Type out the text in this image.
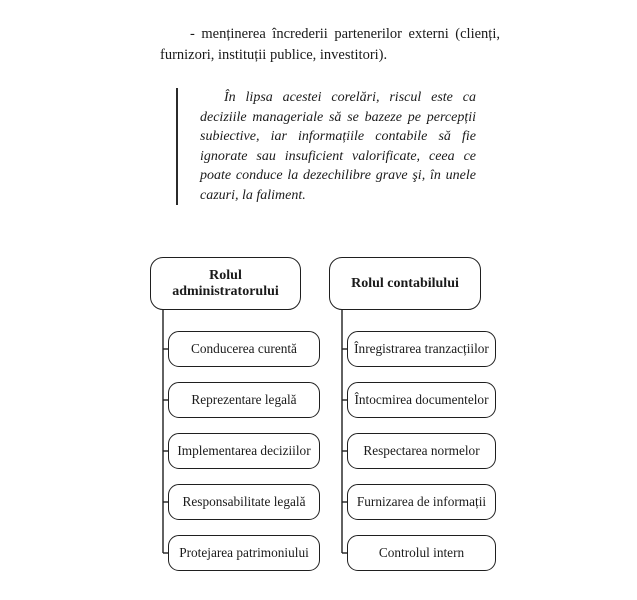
- menținerea încrederii partenerilor externi (clienți, furnizori, instituții publice, investitori).

În lipsa acestei corelări, riscul este ca deciziile manageriale să se bazeze pe percepții subiective, iar informațiile contabile să fie ignorate sau insuficient valorificate, ceea ce poate conduce la dezechilibre grave şi, în unele cazuri, la faliment.

Rolul administratorului
Conducerea curentă
Reprezentare legală
Implementarea deciziilor
Responsabilitate legală
Protejarea patrimoniului
Rolul contabilului
Înregistrarea tranzacțiilor
Întocmirea documentelor
Respectarea normelor
Furnizarea de informații
Controlul intern
